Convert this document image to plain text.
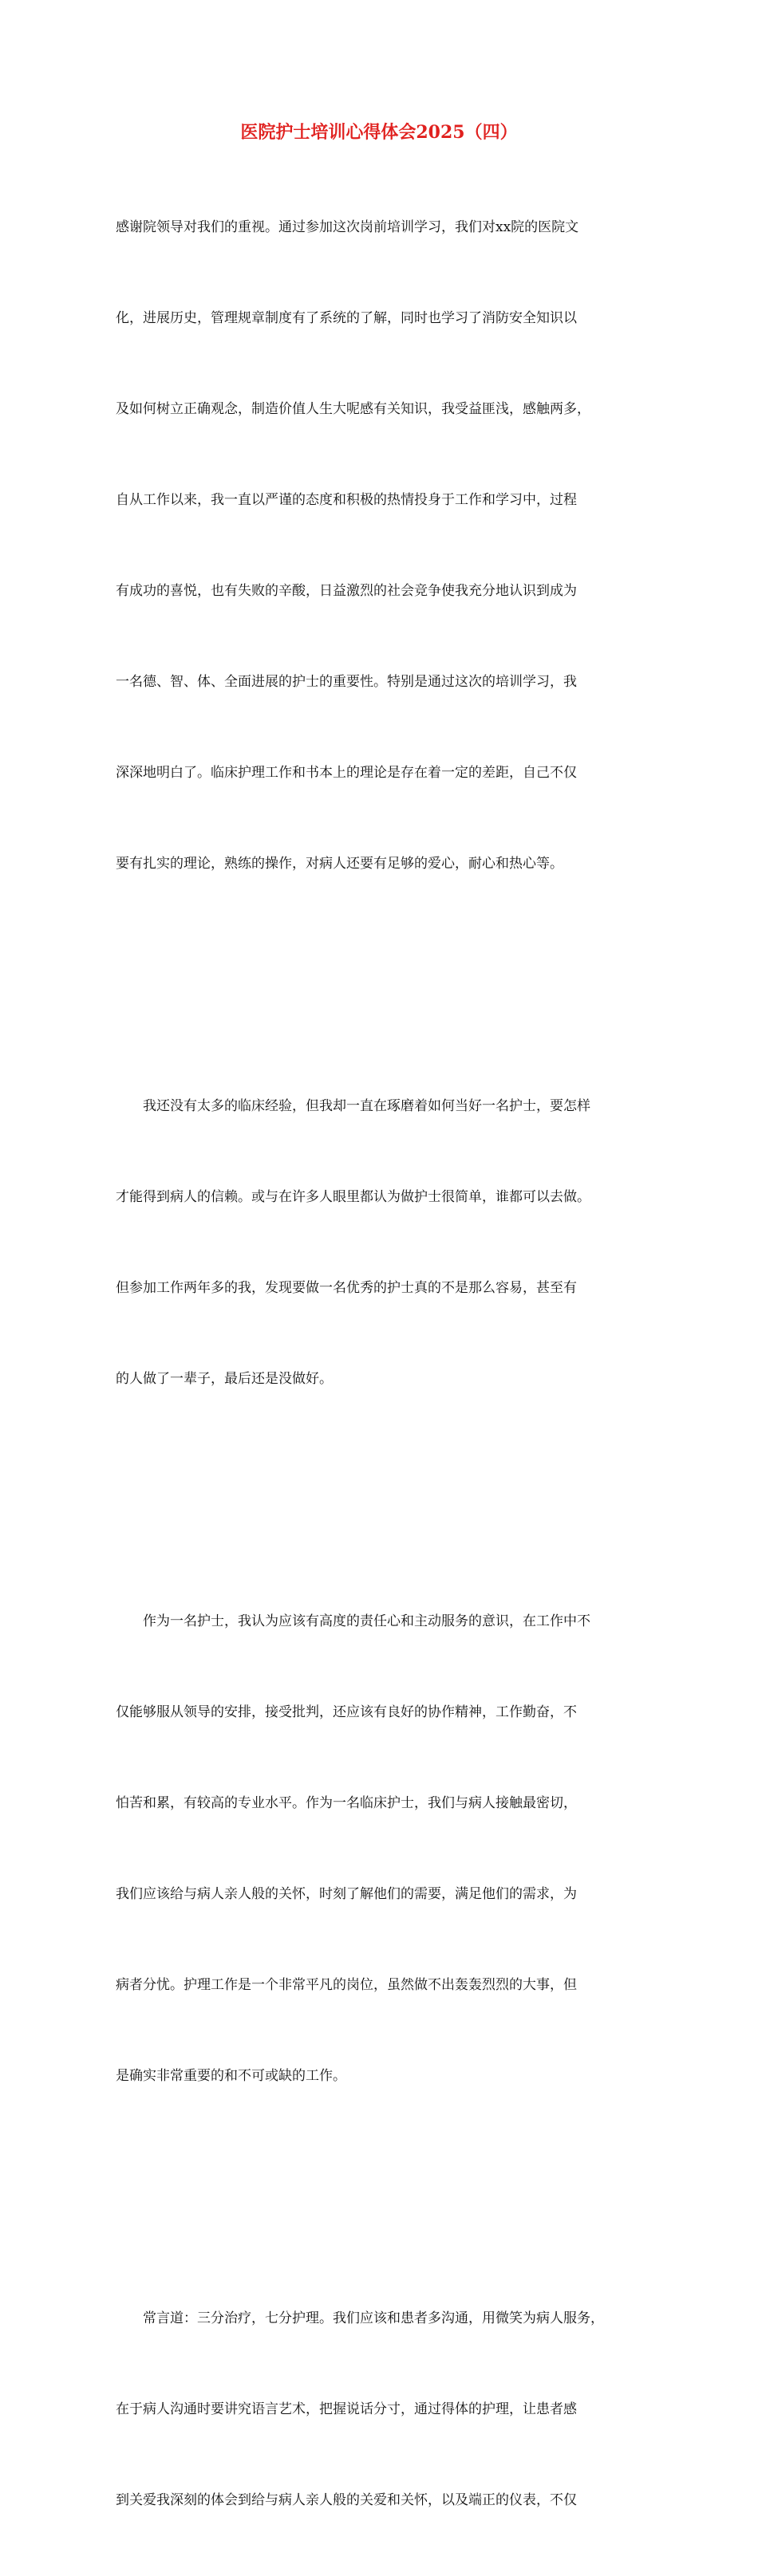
医院护士培训心得体会2025（四）

感谢院领导对我们的重视。通过参加这次岗前培训学习，我们对xx院的医院文

化，进展历史，管理规章制度有了系统的了解，同时也学习了消防安全知识以

及如何树立正确观念，制造价值人生大呢感有关知识，我受益匪浅，感触两多，

自从工作以来，我一直以严谨的态度和积极的热情投身于工作和学习中，过程

有成功的喜悦，也有失败的辛酸，日益激烈的社会竞争使我充分地认识到成为

一名德、智、体、全面进展的护士的重要性。特别是通过这次的培训学习，我

深深地明白了。临床护理工作和书本上的理论是存在着一定的差距，自己不仅

要有扎实的理论，熟练的操作，对病人还要有足够的爱心，耐心和热心等。

　　我还没有太多的临床经验，但我却一直在琢磨着如何当好一名护士，要怎样

才能得到病人的信赖。或与在许多人眼里都认为做护士很简单，谁都可以去做。

但参加工作两年多的我，发现要做一名优秀的护士真的不是那么容易，甚至有

的人做了一辈子，最后还是没做好。

　　作为一名护士，我认为应该有高度的责任心和主动服务的意识，在工作中不

仅能够服从领导的安排，接受批判，还应该有良好的协作精神，工作勤奋，不

怕苦和累，有较高的专业水平。作为一名临床护士，我们与病人接触最密切，

我们应该给与病人亲人般的关怀，时刻了解他们的需要，满足他们的需求，为

病者分忧。护理工作是一个非常平凡的岗位，虽然做不出轰轰烈烈的大事，但

是确实非常重要的和不可或缺的工作。

　　常言道：三分治疗，七分护理。我们应该和患者多沟通，用微笑为病人服务，

在于病人沟通时要讲究语言艺术，把握说话分寸，通过得体的护理，让患者感

到关爱我深刻的体会到给与病人亲人般的关爱和关怀，以及端正的仪表，不仅
